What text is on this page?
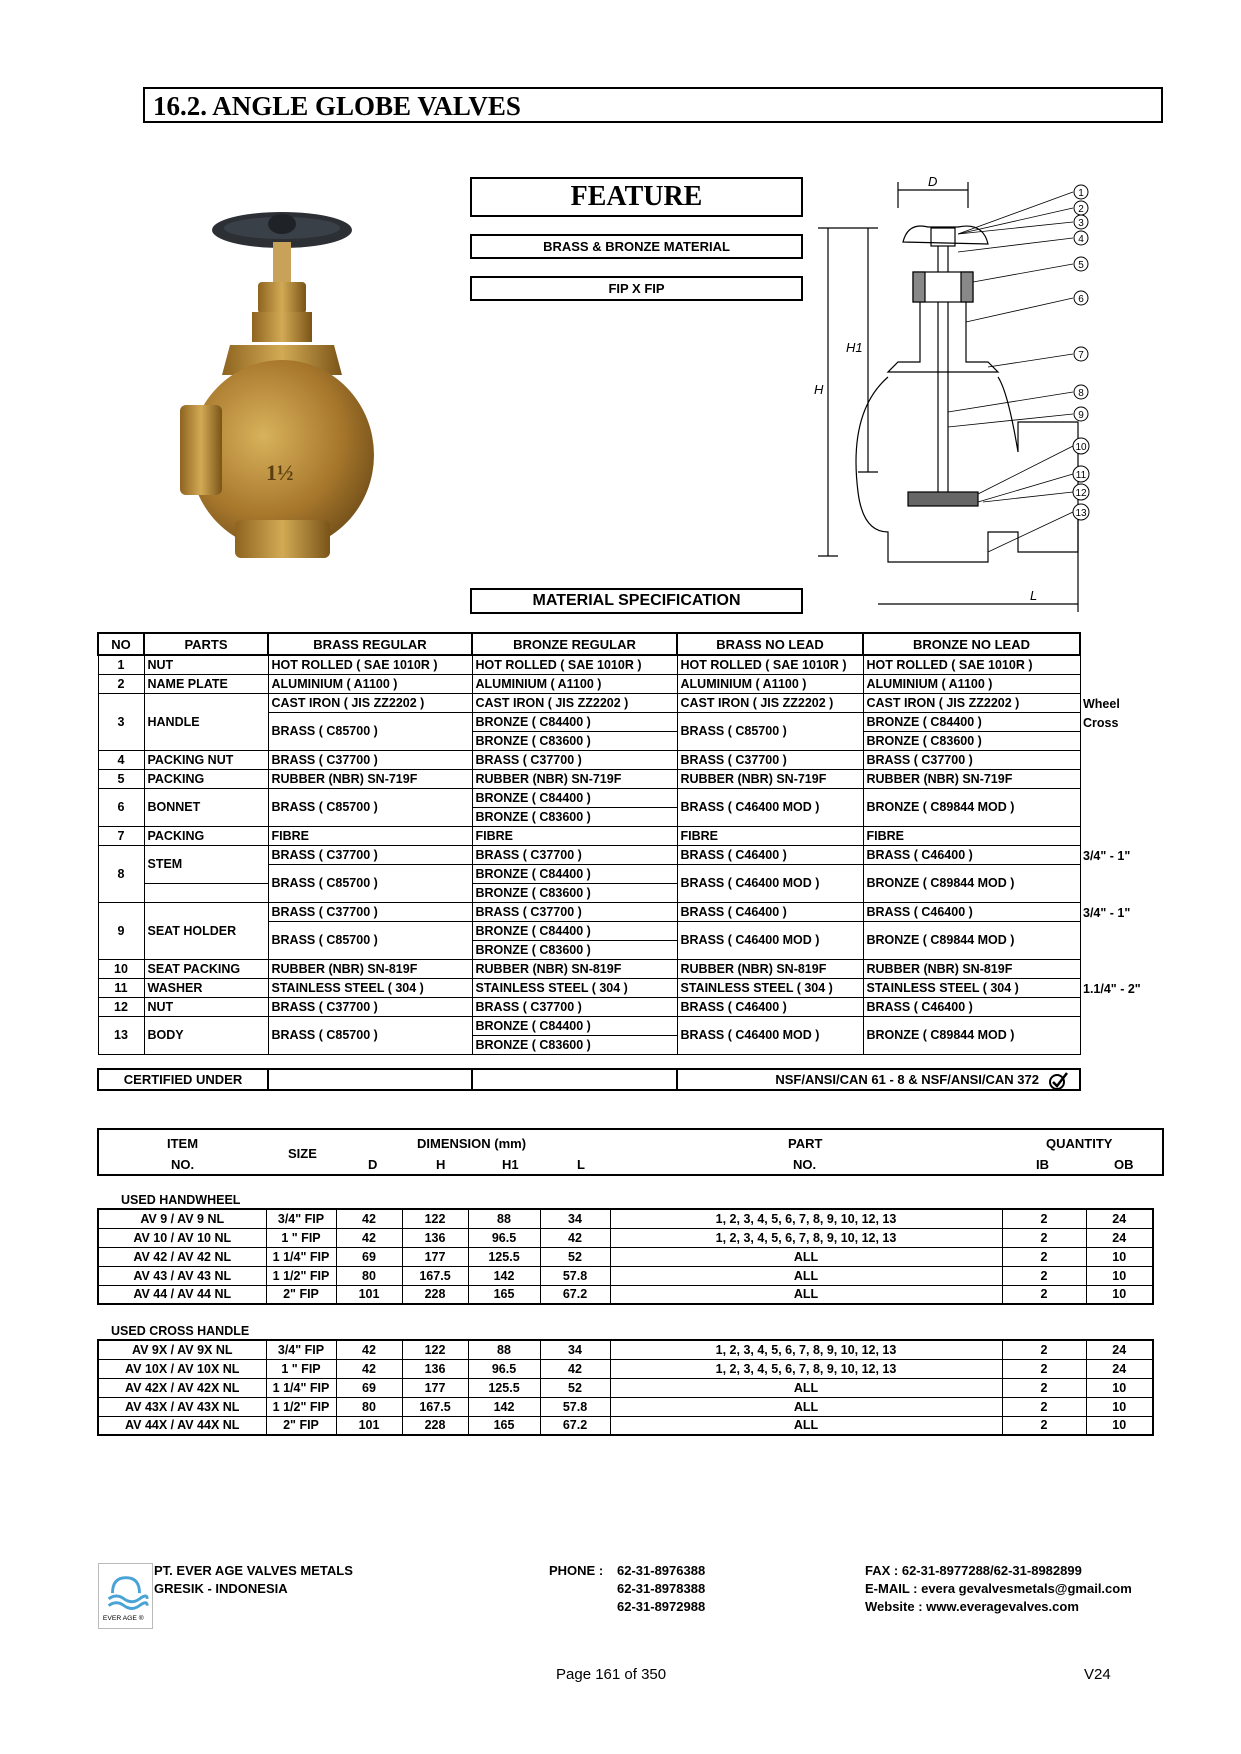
16.2. ANGLE GLOBE VALVES
1½
FEATURE
BRASS & BRONZE MATERIAL
FIP X FIP
D
H1
H
L
1
2
3
4
5
6
7
8
9
10
11
12
13
MATERIAL SPECIFICATION
NO	PARTS	BRASS REGULAR	BRONZE REGULAR	BRASS NO LEAD	BRONZE NO LEAD
1	NUT	HOT ROLLED ( SAE 1010R )	HOT ROLLED ( SAE 1010R )	HOT ROLLED ( SAE 1010R )	HOT ROLLED ( SAE 1010R )
2	NAME PLATE	ALUMINIUM ( A1100 )	ALUMINIUM ( A1100 )	ALUMINIUM ( A1100 )	ALUMINIUM ( A1100 )
3	HANDLE	CAST IRON ( JIS ZZ2202 )	CAST IRON ( JIS ZZ2202 )	CAST IRON ( JIS ZZ2202 )	CAST IRON ( JIS ZZ2202 )
		BRASS ( C85700 )	BRONZE ( C84400 )	BRASS ( C85700 )	BRONZE ( C84400 )
			BRONZE ( C83600 )		BRONZE ( C83600 )
4	PACKING NUT	BRASS ( C37700 )	BRASS ( C37700 )	BRASS ( C37700 )	BRASS ( C37700 )
5	PACKING	RUBBER (NBR) SN-719F	RUBBER (NBR) SN-719F	RUBBER (NBR) SN-719F	RUBBER (NBR) SN-719F
6	BONNET	BRASS ( C85700 )	BRONZE ( C84400 )	BRASS ( C46400 MOD )	BRONZE ( C89844 MOD )
			BRONZE ( C83600 )		
7	PACKING	FIBRE	FIBRE	FIBRE	FIBRE
8	STEM	BRASS ( C37700 )	BRASS ( C37700 )	BRASS ( C46400 )	BRASS ( C46400 )
		BRASS ( C85700 )	BRONZE ( C84400 )	BRASS ( C46400 MOD )	BRONZE ( C89844 MOD )
			BRONZE ( C83600 )		
9	SEAT HOLDER	BRASS ( C37700 )	BRASS ( C37700 )	BRASS ( C46400 )	BRASS ( C46400 )
		BRASS ( C85700 )	BRONZE ( C84400 )	BRASS ( C46400 MOD )	BRONZE ( C89844 MOD )
			BRONZE ( C83600 )		
10	SEAT PACKING	RUBBER (NBR) SN-819F	RUBBER (NBR) SN-819F	RUBBER (NBR) SN-819F	RUBBER (NBR) SN-819F
11	WASHER	STAINLESS STEEL ( 304 )	STAINLESS STEEL ( 304 )	STAINLESS STEEL ( 304 )	STAINLESS STEEL ( 304 )
12	NUT	BRASS ( C37700 )	BRASS ( C37700 )	BRASS ( C46400 )	BRASS ( C46400 )
13	BODY	BRASS ( C85700 )	BRONZE ( C84400 )	BRASS ( C46400 MOD )	BRONZE ( C89844 MOD )
			BRONZE ( C83600 )		
Wheel
Cross
3/4" - 1"
3/4" - 1"
1.1/4" - 2"
CERTIFIED UNDER			NSF/ANSI/CAN 61 - 8 & NSF/ANSI/CAN 372
ITEM
NO.
SIZE
DIMENSION (mm)
D	H	H1	L
PART
NO.
QUANTITY
IB	OB
USED HANDWHEEL
AV 9 / AV 9 NL	3/4" FIP	42	122	88	34	1, 2, 3, 4, 5, 6, 7, 8, 9, 10, 12, 13	2	24
AV 10 / AV 10 NL	1 " FIP	42	136	96.5	42	1, 2, 3, 4, 5, 6, 7, 8, 9, 10, 12, 13	2	24
AV 42 / AV 42 NL	1 1/4" FIP	69	177	125.5	52	ALL	2	10
AV 43 / AV 43 NL	1 1/2" FIP	80	167.5	142	57.8	ALL	2	10
AV 44 / AV 44 NL	2" FIP	101	228	165	67.2	ALL	2	10
USED CROSS HANDLE
AV 9X / AV 9X NL	3/4" FIP	42	122	88	34	1, 2, 3, 4, 5, 6, 7, 8, 9, 10, 12, 13	2	24
AV 10X / AV 10X NL	1 " FIP	42	136	96.5	42	1, 2, 3, 4, 5, 6, 7, 8, 9, 10, 12, 13	2	24
AV 42X / AV 42X NL	1 1/4" FIP	69	177	125.5	52	ALL	2	10
AV 43X / AV 43X NL	1 1/2" FIP	80	167.5	142	57.8	ALL	2	10
AV 44X / AV 44X NL	2" FIP	101	228	165	67.2	ALL	2	10
EVER AGE ®
PT. EVER AGE VALVES METALS
GRESIK - INDONESIA
PHONE : 62-31-8976388
62-31-8978388
62-31-8972988
FAX : 62-31-8977288/62-31-8982899
E-MAIL : evera gevalvesmetals@gmail.com
Website : www.everagevalves.com
Page 161 of 350	V24
